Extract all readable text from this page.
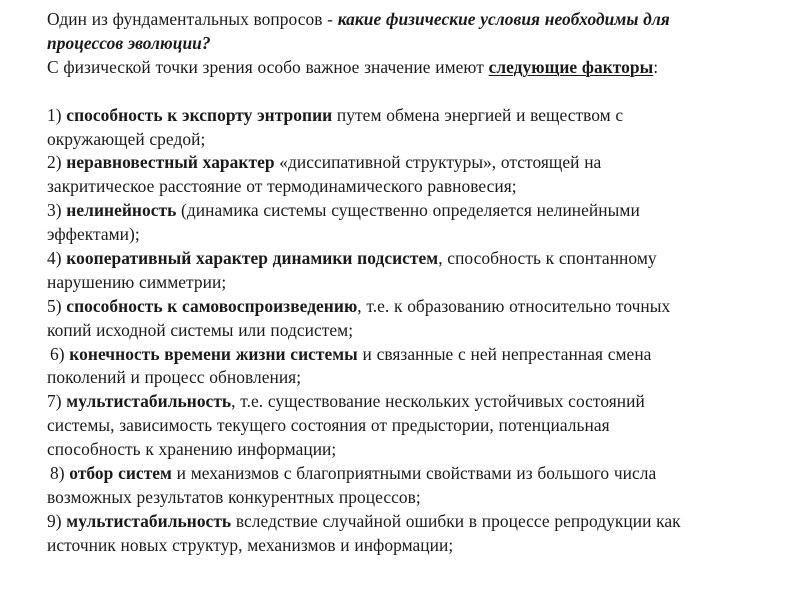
Один из фундаментальных вопросов - какие физические условия необходимы для
процессов эволюции?
С физической точки зрения особо важное значение имеют следующие факторы:
1) способность к экспорту энтропии путем обмена энергией и веществом с
окружающей средой;
2) неравновестный характер «диссипативной структуры», отстоящей на
закритическое расстояние от термодинамического равновесия;
3) нелинейность (динамика системы существенно определяется нелинейными
эффектами);
4) кооперативный характер динамики подсистем, способность к спонтанному
нарушению симметрии;
5) способность к самовоспроизведению, т.е. к образованию относительно точных
копий исходной системы или подсистем;
6) конечность времени жизни системы и связанные с ней непрестанная смена
поколений и процесс обновления;
7) мультистабильность, т.е. существование нескольких устойчивых состояний
системы, зависимость текущего состояния от предыстории, потенциальная
способность к хранению информации;
8) отбор систем и механизмов с благоприятными свойствами из большого числа
возможных результатов конкурентных процессов;
9) мультистабильность вследствие случайной ошибки в процессе репродукции как
источник новых структур, механизмов и информации;
